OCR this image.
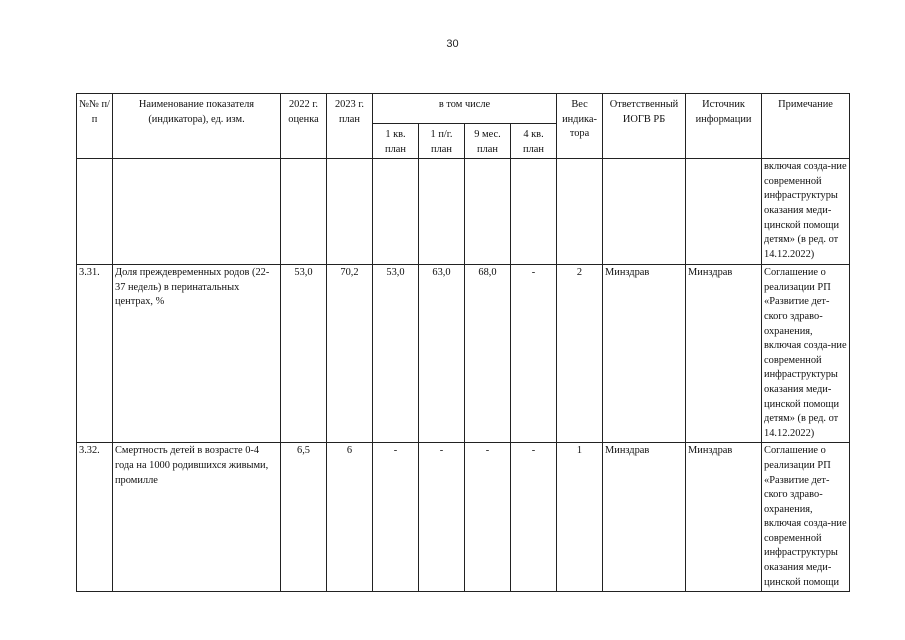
30
№№ п/п	Наименование показателя (индикатора), ед. изм.	2022 г. оценка	2023 г. план	в том числе				Вес индика-тора	Ответственный ИОГВ РБ	Источник информации	Примечание
				1 кв. план	1 п/г. план	9 мес. план	4 кв. план				
											включая созда-ние современной инфраструктуры оказания меди-цинской помощи детям» (в ред. от 14.12.2022)
3.31.	Доля преждевременных родов (22-37 недель) в перинатальных центрах, %	53,0	70,2	53,0	63,0	68,0	-	2	Минздрав	Минздрав	Соглашение о реализации РП «Развитие дет-ского здраво-охранения, включая созда-ние современной инфраструктуры оказания меди-цинской помощи детям» (в ред. от 14.12.2022)
3.32.	Смертность детей в возрасте 0-4 года на 1000 родившихся живыми, промилле	6,5	6	-	-	-	-	1	Минздрав	Минздрав	Соглашение о реализации РП «Развитие дет-ского здраво-охранения, включая созда-ние современной инфраструктуры оказания меди-цинской помощи
